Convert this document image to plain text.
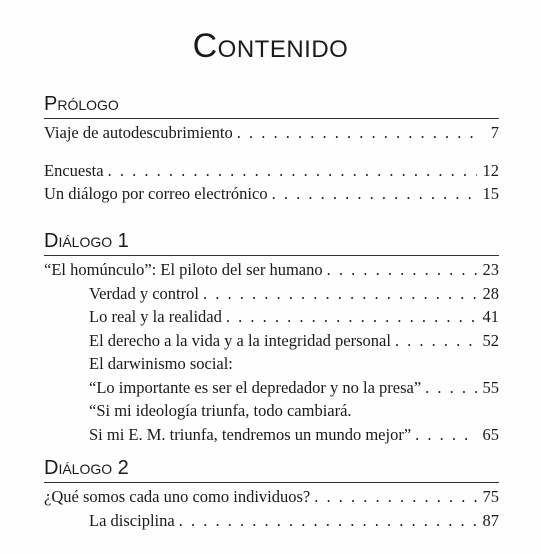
Contenido
Prólogo
Viaje de autodescubrimiento . . .	7
Encuesta . . .	12
Un diálogo por correo electrónico . . .	15
Diálogo 1
“El homúnculo”: El piloto del ser humano . . .	23
Verdad y control . . .	28
Lo real y la realidad . . .	41
El derecho a la vida y a la integridad personal . . .	52
El darwinismo social:
“Lo importante es ser el depredador y no la presa” . . .	55
“Si mi ideología triunfa, todo cambiará.
Si mi E. M. triunfa, tendremos un mundo mejor” . . .	65
Diálogo 2
¿Qué somos cada uno como individuos? . . .	75
La disciplina . . .	87
